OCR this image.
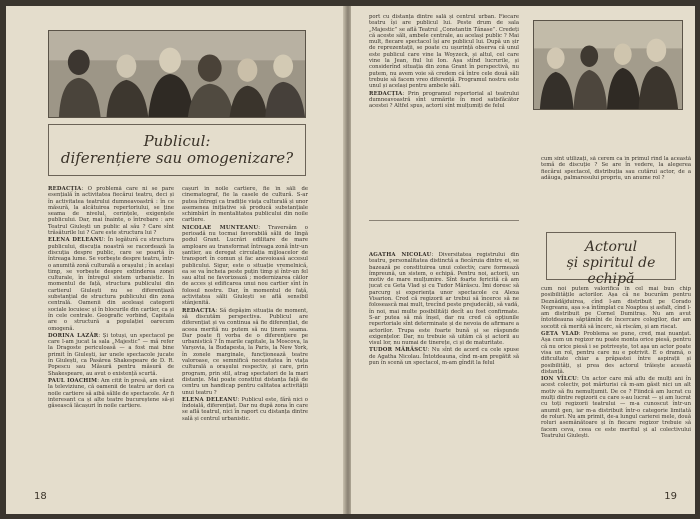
Publicul:
diferențiere sau omogenizare?

REDACȚIA: O problemă care ni se pare esențială în activitatea fiecărui teatru, deci și în activitatea teatrului dumneavoastră : în ce măsură, la alcătuirea repertoriului, se ține seama de nivelul, cerințele, exigențele publicului. Dar, mai înainte, o întrebare : are Teatrul Giulești un public al său ? Care sînt trăsăturile lui ? Care este structura lui ?

ELENA DELEANU: În legătură cu structura publicului, discuția noastră se racordează la discuția despre public, care se poartă în întreaga lume. Se vorbește despre teatru, într-o anumită zonă culturală a orașului ; în același timp, se vorbește despre extinderea zonei culturale, în întregul sistem urbanistic. În momentul de față, structura publicului din cartierul Giulești nu se diferențiază substanțial de structura publicului din zona centrală. Oamenii din aceleași categorii sociale locuiesc și în blocurile din cartier, ca și în cele centrale. Geografic vorbind, Capitala are o structură a populației oarecum omogenă.

DORINA LAZĂR: Și totuși, un spectacol pe care l-am jucat la sala „Majestic” — mă refer la Dragoste periculoasă — a fost mai bine primit în Giulești, iar unele spectacole jucate în Giulești, ca Pasărea Shakespeare de D. R. Popescu sau Măsură pentru măsură de Shakespeare, au avut o existență scurtă.

PAUL IOACHIM: Am citit în presă, am văzut la televiziune, că oamenii de teatru ar dori ca noile cartiere să aibă sălile de spectacole. Ar fi interesant ca și alte teatre bucureștene să-și găsească lăcașuri în noile cartiere.

cașuri în noile cartiere, fie în săli de cinematograf, fie la casele de cultură. S-ar putea întregi ca tradiție viața culturală și unor asemenea inițiative să producă substanțiale schimbări în mentalitatea publicului din noile cartiere.

NICOLAE MUNTEANU: Traversăm o perioadă nu tocmai favorabilă sălii de lingă podul Grant. Lucrări edilitare de mare amploare au transformat întreaga zonă într-un șantier, au deregat circulația mijloacelor de transport în comun și fac anevoioasă accesul publicului. Sigur, este o situație vremelnică, ea se va încheia peste puțin timp și într-un fel sau altul ne favorizează ; modernizarea căilor de acces și edificarea unui nou cartier sînt în folosul nostru. Dar, în momentul de față, activitatea sălii Giulești se află sensibil stânjenită.

REDACȚIA: Să depășim situația de moment, să discutăm perspectiva. Publicul are diferențiat și va continua să fie diferențiat, de aceea merită nu putem să nu ținem seama. Dar poate fi vorba de o diferențiere pe urbanistică ? În marile capitale, la Moscova, la Varșovia, la Budapesta, la Paris, la New York, în zonele marginale, funcționează teatre valoroase, ce semnifică necesitatea în viața culturală a orașului respectiv, și care, prin program, prin stil, atrag spectatori de la mari distanțe. Mai poate constitui distanța față de centru un handicap pentru calitatea activității unui teatru ?

ELENA DELEANU: Publicul este, fără nici o îndoială, diferențiat. Dar nu după zona în care se află teatrul, nici în raport cu distanța dintre sală și centrul urbanistic.

18

port cu distanța dintre sală și centrul urban. Fiecare teatru își are publicul lui. Peste drum de sala „Majestic” se află Teatrul „Constantin Tănase”. Credeți că aceste săli, ambele centrale, au același public ? Mai mult, fiecare spectacol își are publicul lui. După un șir de reprezentații, se poate cu ușurință observa că unul este publicul care vine la Woyzeck, și altul, cel care vine la Jean, fiul lui Ion. Așa stînd lucrurile, și considerînd situația din zona Grant în perspectivă, nu putem, nu avem voie să credem că între cele două săli trebuie să facem vreo diferență. Programul nostru este unul și același pentru ambele săli.

REDACȚIA: Prin programul repertorial al teatrului dumneavoastră sînt urmărite în mod satisfăcător acestei ? Altfel spus, actorii sînt mulțumiți de felul

cum sînt utilizați, să cerem ca în primul rînd la această temă de discuție ? Se are în vedere, la alegerea fiecărui spectacol, distribuția sau cutărui actor, de a adăuga, palmaresului propriu, un anume rol ?

Actorul
și spiritul de echipă

AGATHA NICOLAU: Diversitatea registrului din teatru, personalitatea distinctă a fiecăruia dintre ei, se bazează pe constituirea unui colectiv, care formează împreună, un sistem, o echipă. Pentru noi, actorii, un motiv de mare mulțumire. Sînt foarte fericită că am jucat cu Geta Vlad și cu Tudor Mărăscu. Îmi doresc să parcurg și experiența unor spectacole cu Alexa Visarion. Cred că regizorii ar trebui să încerce să ne folosească mai mult, trecînd peste prejudecăți, să vadă, în noi, mai multe posibilități decît au fost confirmate. S-ar putea să mă înșel, dar nu cred că opțiunile repertoriale sînt determinate și de nevoia de afirmare a actorilor. Trupa este foarte bună și se răspunde exigențelor. Dar, nu trebuie să uităm că și actorii au visul lor, nu numai de tinerețe, ci și de maturitate.

TUDOR MĂRĂSCU: Nu sînt de acord cu cele spuse de Agatha Nicolau. Întotdeauna, cînd m-am pregătit să pun în scenă un spectacol, m-am gîndit la felul

cum noi putem valorifica în cel mai bun chip posibilitățile actorilor. Așa că ne bucurăm pentru Deznădăjduirea, cînd l-am distribuit pe Corado Negreanu, așa s-a întîmplat cu Noaptea și asfalt, cînd l-am distribuit pe Cornel Dumitraș. Nu am avut întotdeauna săptămîni de încercare colegilor, dar am socotit că merită să încerc, să riscăm, și am riscat.

GETA VLAD: Problema se pune, cred, mai nuanțat. Așa cum un regizor nu poate monta orice piesă, pentru că nu orice piesă i se potrivește, tot așa un actor poate visa un rol, pentru care nu e potrivit. E o dramă, o dificultate chiar a prăpastei între aspirații și posibilități, și prea des actorul trăiește această distanță.

ION VÎLCU: Un actor care mă aflu de mulți ani în acest colectiv, pot mărturisi că m-am găsit nici un alt motiv să fiu nemulțumit. De ce ? Fiindcă am lucrat cu mulți dintre regizorii cu care s-au lucrat — și am lucrat cu toți regizorii teatrului — m-a cunoscut într-un anumit gen, iar m-a distribuit într-o categorie limitată de roluri. Nu am primit, de-a lungul carierei mele, două roluri asemănătoare și în fiecare regizor trebuie să facem ceva, ceea ce este meritul și al colectivului Teatrului Giulești.

19
